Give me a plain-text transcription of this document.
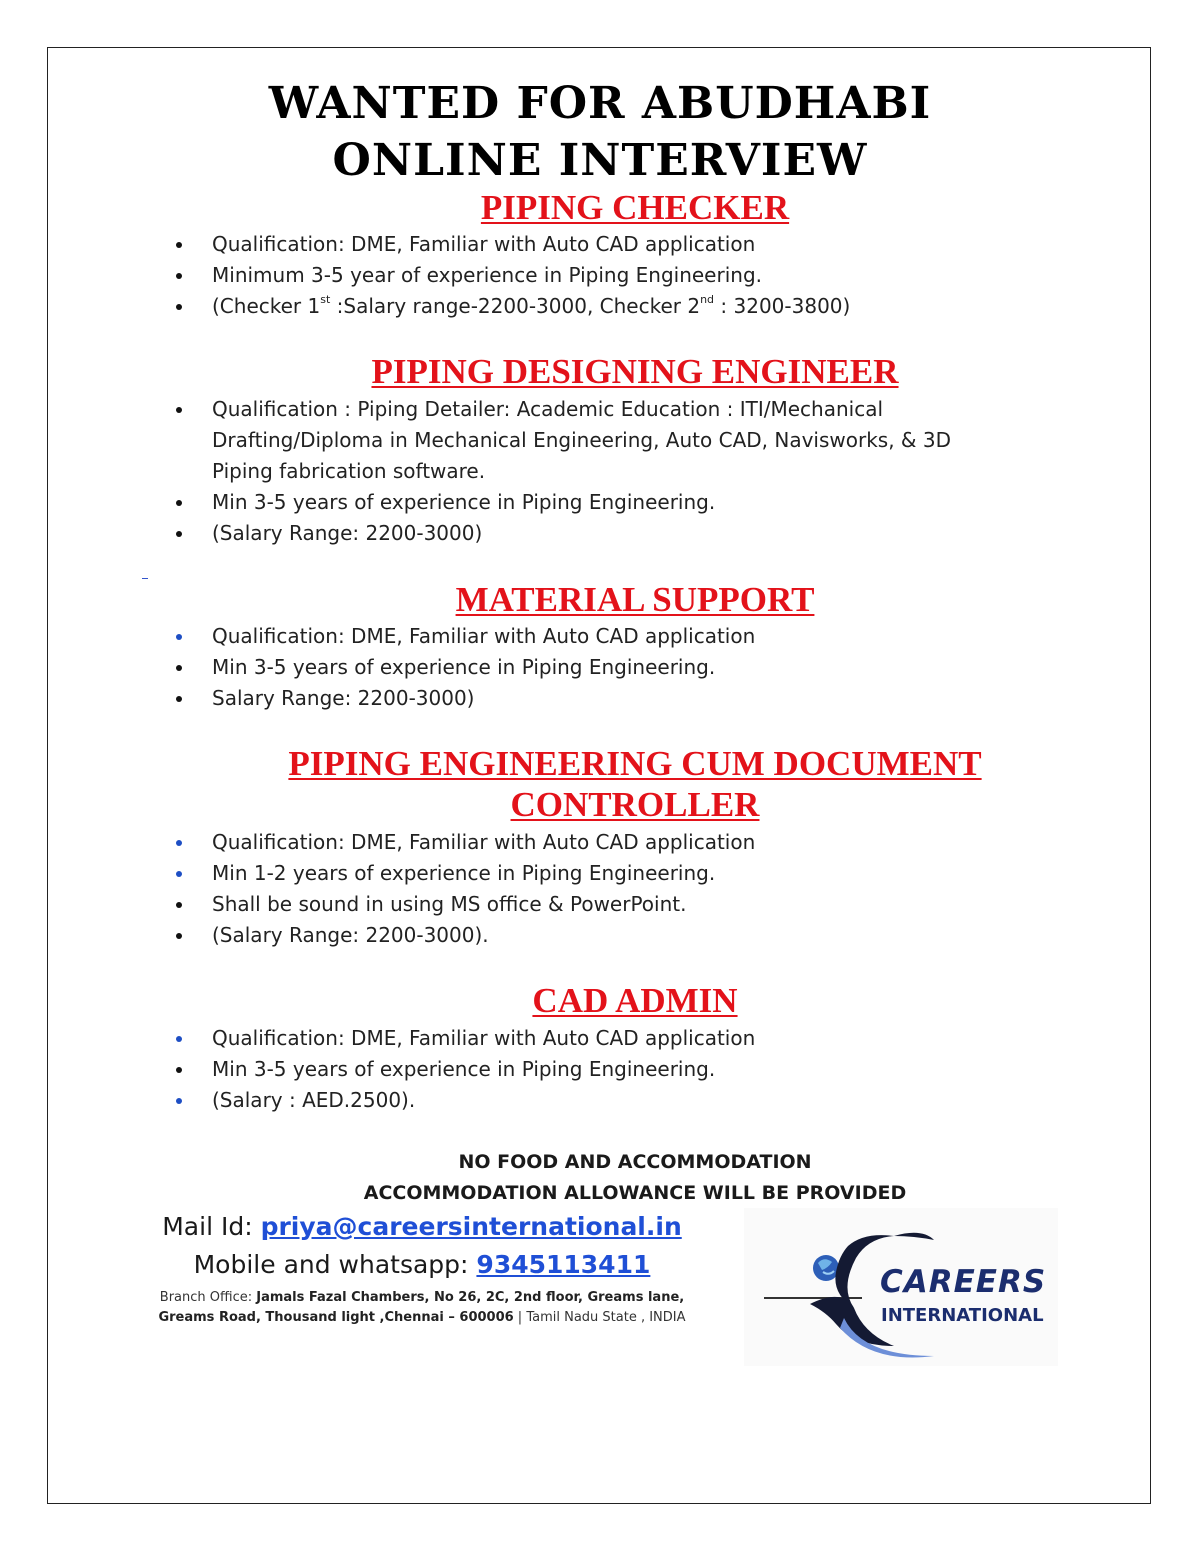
WANTED FOR ABUDHABI
ONLINE INTERVIEW
PIPING CHECKER
Qualification: DME, Familiar with Auto CAD application
Minimum 3-5 year of experience in Piping Engineering.
(Checker 1st :Salary range-2200-3000, Checker 2nd : 3200-3800)
PIPING DESIGNING ENGINEER
Qualification : Piping Detailer: Academic Education : ITI/Mechanical Drafting/Diploma in Mechanical Engineering, Auto CAD, Navisworks, & 3D Piping fabrication software.
Min 3-5 years of experience in Piping Engineering.
(Salary Range: 2200-3000)
MATERIAL SUPPORT
Qualification: DME, Familiar with Auto CAD application
Min 3-5 years of experience in Piping Engineering.
Salary Range: 2200-3000)
PIPING ENGINEERING CUM DOCUMENT
CONTROLLER
Qualification: DME, Familiar with Auto CAD application
Min 1-2 years of experience in Piping Engineering.
Shall be sound in using MS office & PowerPoint.
(Salary Range: 2200-3000).
CAD ADMIN
Qualification: DME, Familiar with Auto CAD application
Min 3-5 years of experience in Piping Engineering.
(Salary : AED.2500).
NO FOOD AND ACCOMMODATION
ACCOMMODATION ALLOWANCE WILL BE PROVIDED
Mail Id: priya@careersinternational.in
Mobile and whatsapp: 9345113411
Branch Office: Jamals Fazal Chambers, No 26, 2C, 2nd floor, Greams lane,
Greams Road, Thousand light ,Chennai – 600006 | Tamil Nadu State , INDIA
CAREERS
INTERNATIONAL
